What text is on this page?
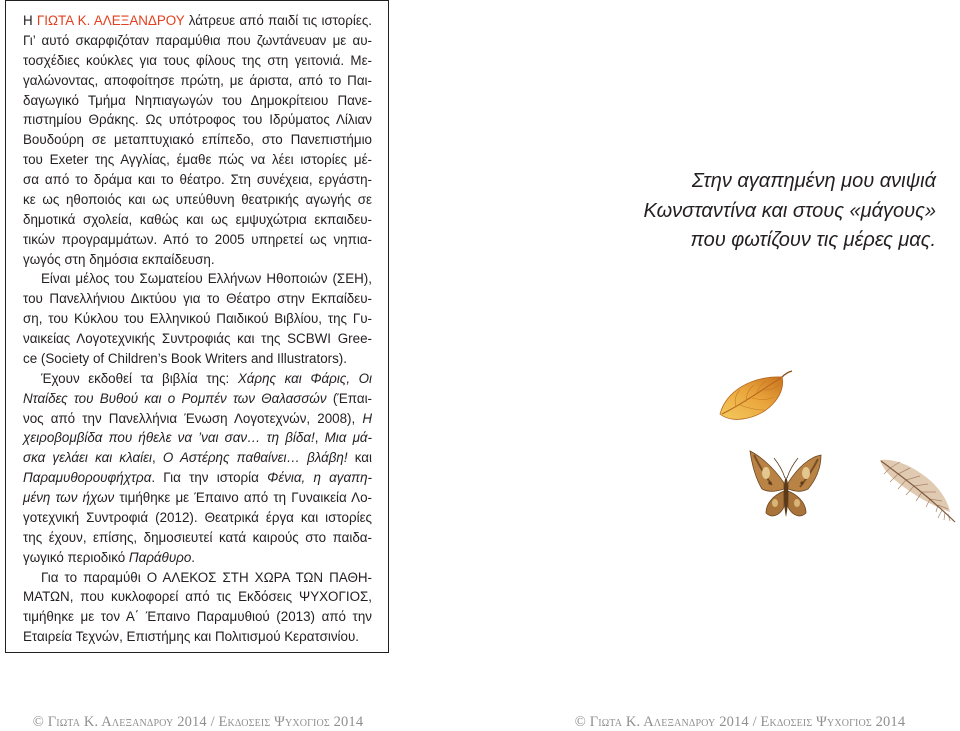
Η ΓΙΩΤΑ Κ. ΑΛΕΞΑΝΔΡΟΥ λάτρευε από παιδί τις ιστορίες.
Γι’ αυτό σκαρφιζόταν παραμύθια που ζωντάνευαν με αυ-
τοσχέδιες κούκλες για τους φίλους της στη γειτονιά. Με-
γαλώνοντας, αποφοίτησε πρώτη, με άριστα, από το Παι-
δαγωγικό Τμήμα Νηπιαγωγών του Δημοκρίτειου Πανε-
πιστημίου Θράκης. Ως υπότροφος του Ιδρύματος Λίλιαν
Βουδούρη σε μεταπτυχιακό επίπεδο, στο Πανεπιστήμιο
του Exeter της Αγγλίας, έμαθε πώς να λέει ιστορίες μέ-
σα από το δράμα και το θέατρο. Στη συνέχεια, εργάστη-
κε ως ηθοποιός και ως υπεύθυνη θεατρικής αγωγής σε
δημοτικά σχολεία, καθώς και ως εμψυχώτρια εκπαιδευ-
τικών προγραμμάτων. Από το 2005 υπηρετεί ως νηπια-
γωγός στη δημόσια εκπαίδευση.
Είναι μέλος του Σωματείου Ελλήνων Ηθοποιών (ΣΕΗ),
του Πανελλήνιου Δικτύου για το Θέατρο στην Εκπαίδευ-
ση, του Κύκλου του Ελληνικού Παιδικού Βιβλίου, της Γυ-
ναικείας Λογοτεχνικής Συντροφιάς και της SCBWI Gree-
ce (Society of Children’s Book Writers and Illustrators).
Έχουν εκδοθεί τα βιβλία της: Χάρης και Φάρις, Οι
Νταίδες του Βυθού και ο Ρομπέν των Θαλασσών (Έπαι-
νος από την Πανελλήνια Ένωση Λογοτεχνών, 2008), Η
χειροβομβίδα που ήθελε να ’ναι σαν… τη βίδα!, Μια μά-
σκα γελάει και κλαίει, Ο Αστέρης παθαίνει… βλάβη! και
Παραμυθορουφήχτρα. Για την ιστορία Φένια, η αγαπη-
μένη των ήχων τιμήθηκε με Έπαινο από τη Γυναικεία Λο-
γοτεχνική Συντροφιά (2012). Θεατρικά έργα και ιστορίες
της έχουν, επίσης, δημοσιευτεί κατά καιρούς στο παιδα-
γωγικό περιοδικό Παράθυρο.
Για το παραμύθι Ο ΑΛΕΚΟΣ ΣΤΗ ΧΩΡΑ ΤΩΝ ΠΑΘΗ-
ΜΑΤΩΝ, που κυκλοφορεί από τις Εκδόσεις ΨΥΧΟΓΙΟΣ,
τιμήθηκε με τον Α΄ Έπαινο Παραμυθιού (2013) από την
Εταιρεία Τεχνών, Επιστήμης και Πολιτισμού Κερατσινίου.
Στην αγαπημένη μου ανιψιά
Κωνσταντίνα και στους «μάγους»
που φωτίζουν τις μέρες μας.
© Γιωτα Κ. Αλεξανδρου 2014 / Εκδοσεις Ψυχογιος 2014	© Γιωτα Κ. Αλεξανδρου 2014 / Εκδοσεις Ψυχογιος 2014
